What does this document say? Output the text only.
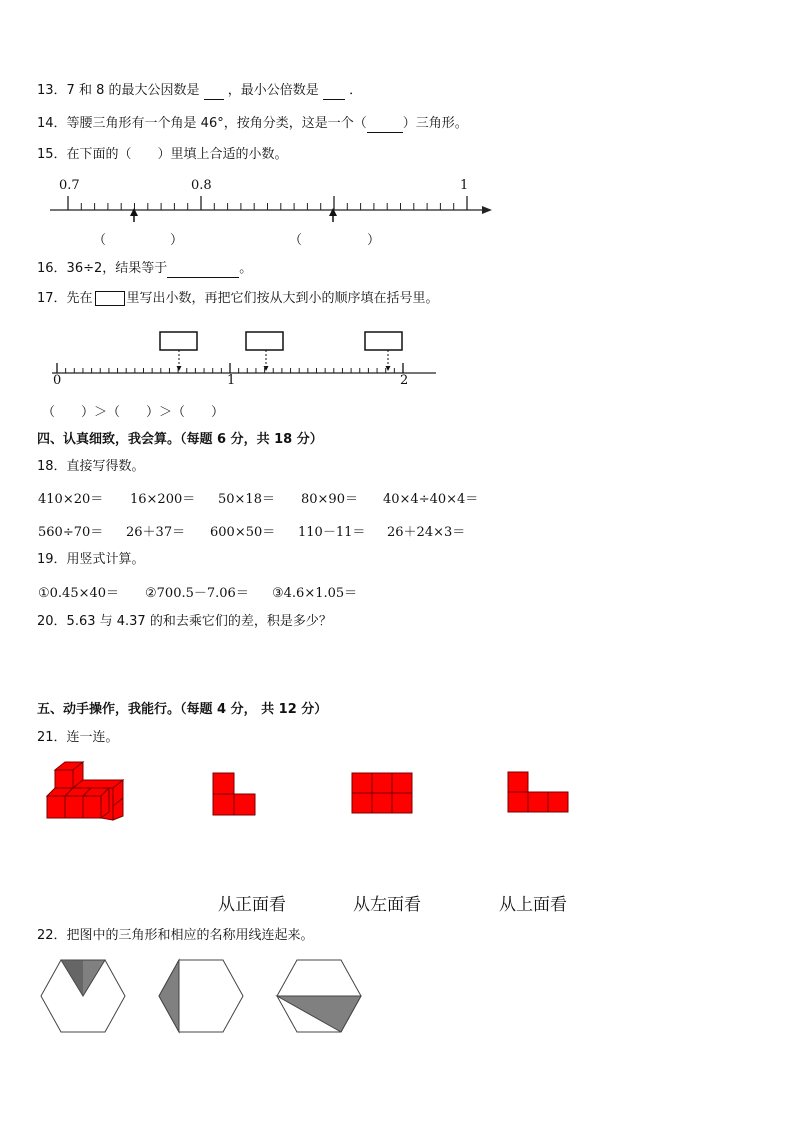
13．7 和 8 的最大公因数是 ，最小公倍数是 ．
14．等腰三角形有一个角是 46°，按角分类，这是一个（	）三角形。
15．在下面的（　　）里填上合适的小数。
0.7	0.8	1
（	）	（	）
16．36÷2，结果等于	。
17．先在	里写出小数，再把它们按从大到小的顺序填在括号里。
0	1	2
（　　）＞（　　）＞（　　）
四、认真细致，我会算。（每题 6 分，共 18 分）
18．直接写得数。
410×20＝ 16×200＝ 50×18＝ 80×90＝ 40×4÷40×4＝
560÷70＝ 26＋37＝ 600×50＝ 110－11＝ 26＋24×3＝
19．用竖式计算。
①0.45×40＝ ②700.5－7.06＝ ③4.6×1.05＝
20．5.63 与 4.37 的和去乘它们的差，积是多少？
五、动手操作，我能行。（每题 4 分， 共 12 分）
21．连一连。
从正面看	从左面看	从上面看
22．把图中的三角形和相应的名称用线连起来。
